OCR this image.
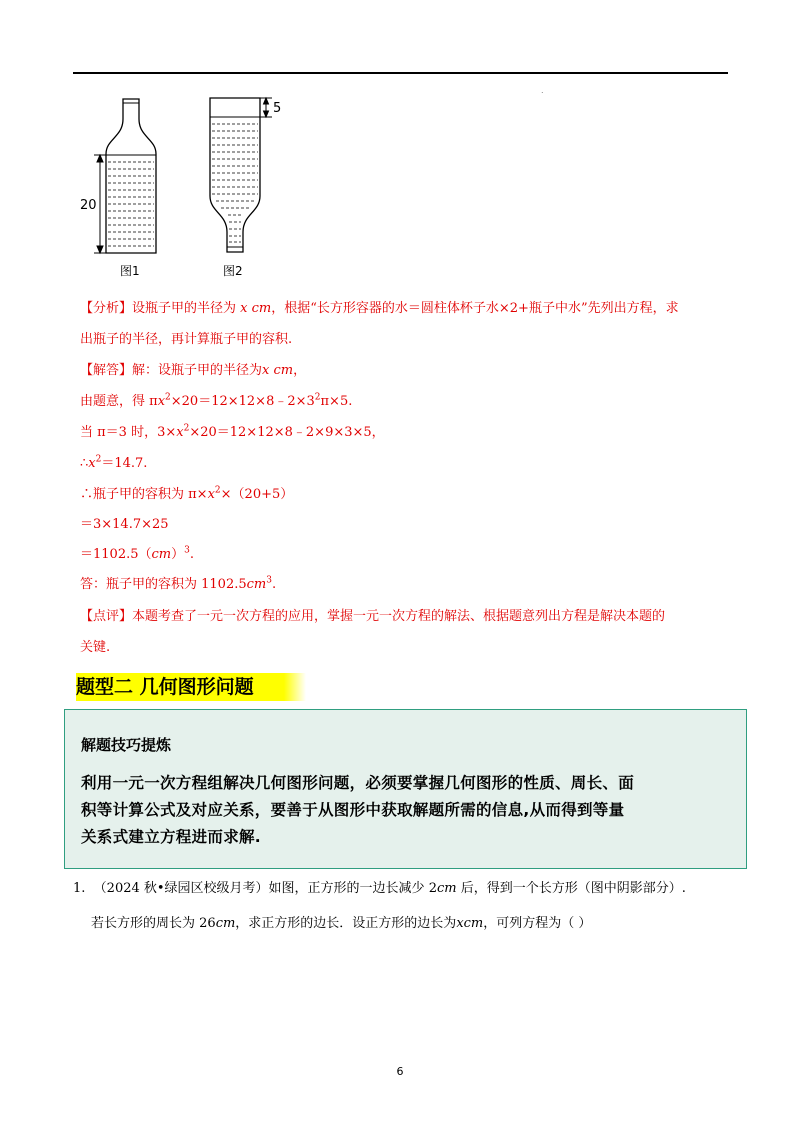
.
20
图1
5
图2
【分析】设瓶子甲的半径为 x cm，根据“长方形容器的水＝圆柱体杯子水×2+瓶子中水”先列出方程，求
出瓶子的半径，再计算瓶子甲的容积.
【解答】解：设瓶子甲的半径为x cm，
由题意，得 $\pi x^2\times 20=12\times 12\times 8﹣2\times 3^2\pi\times 5$.
当 π＝3 时，$3\times x^2\times 20=12\times 12\times 8﹣2\times 9\times 3\times 5$，
$\therefore x^2=14.7$.
∴瓶子甲的容积为 $\pi\times x^2\times(20+5)$
＝3×14.7×25
＝1102.5（cm）$^3$.
答：瓶子甲的容积为 $1102.5cm^3$.
【点评】本题考查了一元一次方程的应用，掌握一元一次方程的解法、根据题意列出方程是解决本题的
关键.
题型二 几何图形问题
解题技巧提炼
利用一元一次方程组解决几何图形问题，必须要掌握几何图形的性质、周长、面
积等计算公式及对应关系，要善于从图形中获取解题所需的信息,从而得到等量
关系式建立方程进而求解.
1. （2024 秋•绿园区校级月考）如图，正方形的一边长减少 2cm 后，得到一个长方形（图中阴影部分）.
若长方形的周长为 26cm，求正方形的边长．设正方形的边长为xcm，可列方程为（ ）
6
